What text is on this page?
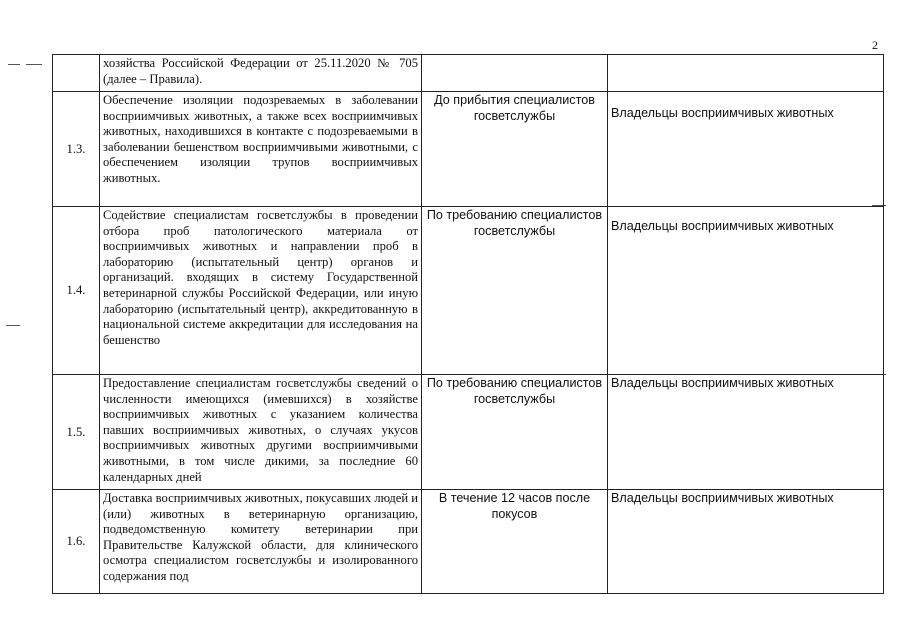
2
	хозяйства Российской Федерации от 25.11.2020 № 705 (далее – Правила).		
1.3.	Обеспечение изоляции подозреваемых в заболевании восприимчивых животных, а также всех восприимчивых животных, находившихся в контакте с подозреваемыми в заболевании бешенством восприимчивыми животными, с обеспечением изоляции трупов восприимчивых животных.	До прибытия специалистов госветслужбы	Владельцы восприимчивых животных
1.4.	Содействие специалистам госветслужбы в проведении отбора проб патологического материала от восприимчивых животных и направлении проб в лабораторию (испытательный центр) органов и организаций. входящих в систему Государственной ветеринарной службы Российской Федерации, или иную лабораторию (испытательный центр), аккредитованную в национальной системе аккредитации для исследования на бешенство	По требованию специалистов госветслужбы	Владельцы восприимчивых животных
1.5.	Предоставление специалистам госветслужбы сведений о численности имеющихся (имевшихся) в хозяйстве восприимчивых животных с указанием количества павших восприимчивых животных, о случаях укусов восприимчивых животных другими восприимчивыми животными, в том числе дикими, за последние 60 календарных дней	По требованию специалистов госветслужбы	Владельцы восприимчивых животных
1.6.	Доставка восприимчивых животных, покусавших людей и (или) животных в ветеринарную организацию, подведомственную комитету ветеринарии при Правительстве Калужской области, для клинического осмотра специалистом госветслужбы и изолированного содержания под	В течение 12 часов после покусов	Владельцы восприимчивых животных
